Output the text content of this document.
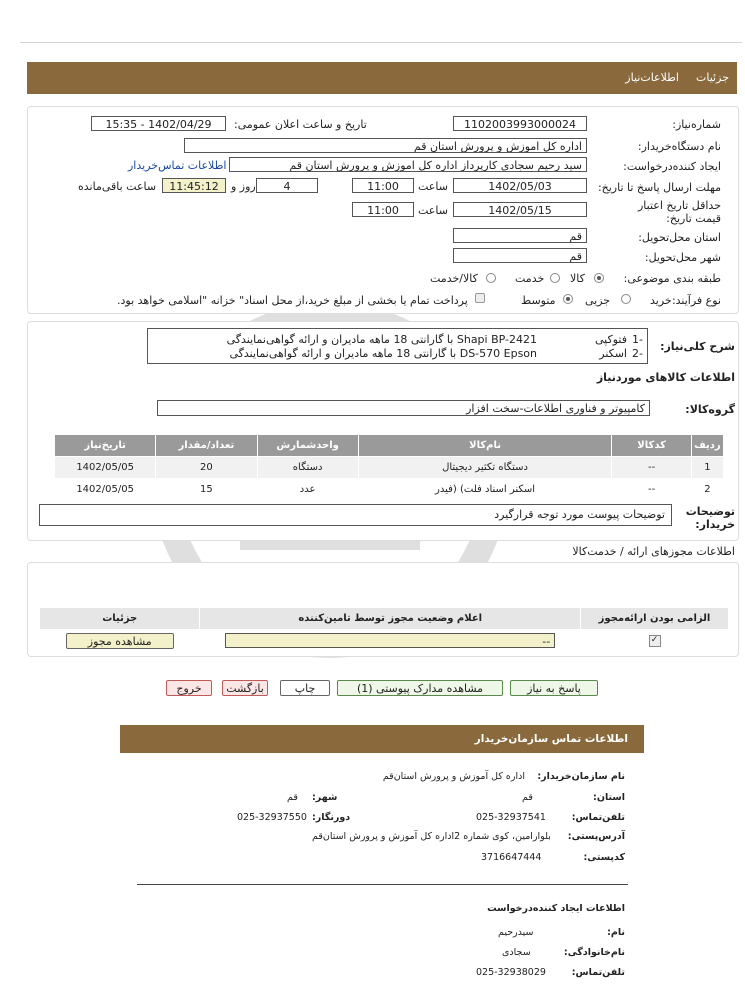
جزئیات
اطلاعات‌نیاز
شماره‌نیاز:
1102003993000024
تاریخ و ساعت اعلان عمومی:
1402/04/29 - 15:35
نام دستگاه‌خریدار:
اداره کل اموزش و پرورش استان قم
ایجاد کننده‌درخواست:
سید رحیم سجادی کارپرداز اداره کل اموزش و پرورش استان قم
اطلاعات تماس‌خریدار
مهلت ارسال پاسخ تا تاریخ:
1402/05/03
ساعت
11:00
4
روز و
11:45:12
ساعت باقی‌مانده
حداقل تاریخ اعتبار قیمت تاریخ:
1402/05/15
ساعت
11:00
استان محل‌تحویل:
قم
شهر محل‌تحویل:
قم
طبقه بندی موضوعی:
کالا
خدمت
کالا/خدمت
نوع فرآیند:
خرید
جزیی
متوسط
پرداخت تمام یا بخشی از مبلغ خرید،از محل اسناد" خزانه "اسلامی خواهد بود.
شرح کلی‌نیاز:
-1
فتوکپی
Shapi BP-2421 با گارانتی 18 ماهه مادیران و ارائه گواهی‌نمایندگی
-2
اسکنر
DS-570 Epson با گارانتی 18 ماهه مادیران و ارائه گواهی‌نمایندگی
اطلاعات کالاهای موردنیاز
گروه‌کالا:
کامپیوتر و فناوری اطلاعات-سخت افزار
ردیف	کدکالا	نام‌کالا	واحدشمارش	تعداد/مقدار	تاریخ‌نیاز
1	--	دستگاه تکثیر دیجیتال	دستگاه	20	1402/05/05
2	--	اسکنر اسناد فلت) (فیدر	عدد	15	1402/05/05
توضیحات خریدار:
توضیحات پیوست مورد توجه قرارگیرد
اطلاعات مجوزهای ارائه / خدمت‌کالا
الزامی بودن ارائه‌مجوز	اعلام وضعیت مجوز توسط تامین‌کننده	جزئیات
✓	--	مشاهده مجوز
پاسخ به نیاز
مشاهده مدارک پیوستی (1)
چاپ
بازگشت
خروج
اطلاعات تماس سازمان‌خریدار
نام سازمان‌خریدار:
اداره کل آموزش و پرورش استان‌قم
استان:
قم
شهر:
قم
تلفن‌تماس:
025-32937541
دورنگار:
025-32937550
آدرس‌پستی:
بلوارامین، کوی شماره 2اداره کل آموزش و پرورش استان‌قم
کدپستی:
3716647444
اطلاعات ایجاد کننده‌درخواست
نام:
سیدرحیم
نام‌خانوادگی:
سجادی
تلفن‌تماس:
025-32938029
